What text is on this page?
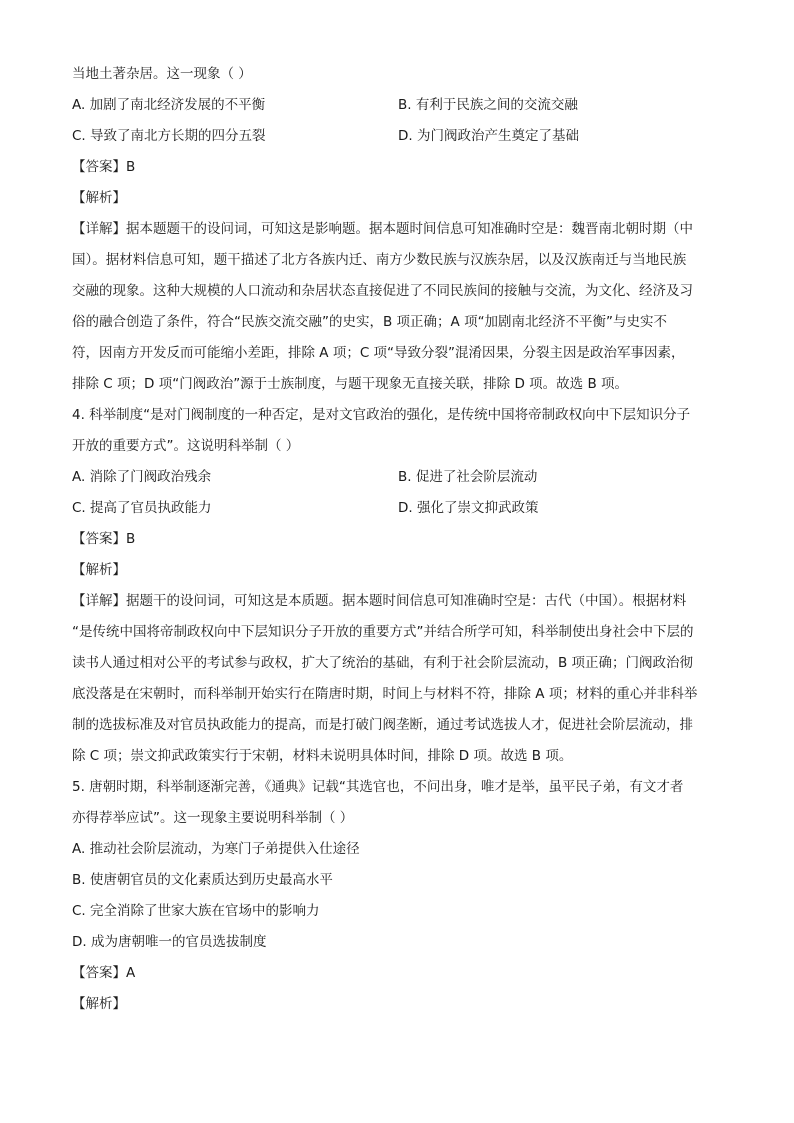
当地土著杂居。这一现象（ ）
A. 加剧了南北经济发展的不平衡	B. 有利于民族之间的交流交融
C. 导致了南北方长期的四分五裂	D. 为门阀政治产生奠定了基础
【答案】B
【解析】
【详解】据本题题干的设问词，可知这是影响题。据本题时间信息可知准确时空是：魏晋南北朝时期（中
国）。据材料信息可知，题干描述了北方各族内迁、南方少数民族与汉族杂居，以及汉族南迁与当地民族
交融的现象。这种大规模的人口流动和杂居状态直接促进了不同民族间的接触与交流，为文化、经济及习
俗的融合创造了条件，符合“民族交流交融”的史实，B 项正确；A 项“加剧南北经济不平衡”与史实不
符，因南方开发反而可能缩小差距，排除 A 项；C 项“导致分裂”混淆因果，分裂主因是政治军事因素，
排除 C 项；D 项“门阀政治”源于士族制度，与题干现象无直接关联，排除 D 项。故选 B 项。
4. 科举制度“是对门阀制度的一种否定，是对文官政治的强化，是传统中国将帝制政权向中下层知识分子
开放的重要方式”。这说明科举制（ ）
A. 消除了门阀政治残余	B. 促进了社会阶层流动
C. 提高了官员执政能力	D. 强化了崇文抑武政策
【答案】B
【解析】
【详解】据题干的设问词，可知这是本质题。据本题时间信息可知准确时空是：古代（中国）。根据材料
“是传统中国将帝制政权向中下层知识分子开放的重要方式”并结合所学可知，科举制使出身社会中下层的
读书人通过相对公平的考试参与政权，扩大了统治的基础，有利于社会阶层流动，B 项正确；门阀政治彻
底没落是在宋朝时，而科举制开始实行在隋唐时期，时间上与材料不符，排除 A 项；材料的重心并非科举
制的选拔标准及对官员执政能力的提高，而是打破门阀垄断，通过考试选拔人才，促进社会阶层流动，排
除 C 项；崇文抑武政策实行于宋朝，材料未说明具体时间，排除 D 项。故选 B 项。
5. 唐朝时期，科举制逐渐完善，《通典》记载“其选官也，不问出身，唯才是举，虽平民子弟，有文才者
亦得荐举应试”。这一现象主要说明科举制（ ）
A. 推动社会阶层流动，为寒门子弟提供入仕途径
B. 使唐朝官员的文化素质达到历史最高水平
C. 完全消除了世家大族在官场中的影响力
D. 成为唐朝唯一的官员选拔制度
【答案】A
【解析】
